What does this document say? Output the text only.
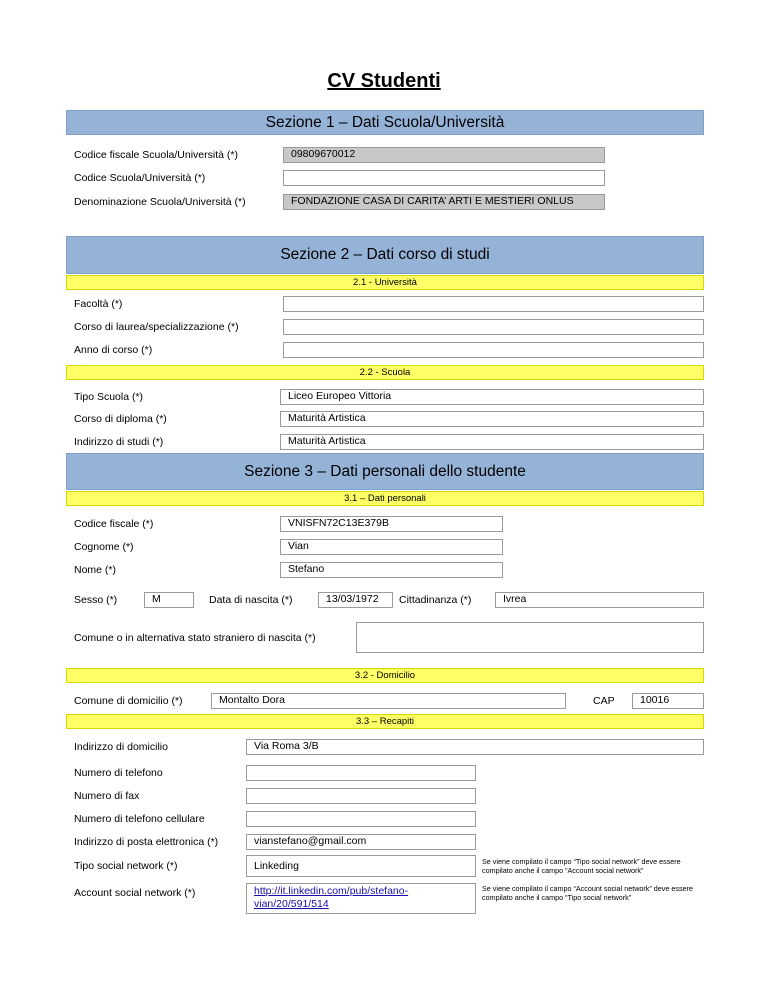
CV Studenti
Sezione 1 – Dati Scuola/Università
Codice fiscale Scuola/Università (*)	09809670012
Codice Scuola/Università (*)
Denominazione Scuola/Università (*)	FONDAZIONE CASA DI CARITA’ ARTI E MESTIERI ONLUS
Sezione 2 – Dati corso di studi
2.1 - Università
Facoltà (*)
Corso di laurea/specializzazione (*)
Anno di corso (*)
2.2 - Scuola
Tipo Scuola (*)	Liceo Europeo Vittoria
Corso di diploma (*)	Maturità Artistica
Indirizzo di studi (*)	Maturità Artistica
Sezione 3 – Dati personali dello studente
3.1 – Dati personali
Codice fiscale (*)	VNISFN72C13E379B
Cognome (*)	Vian
Nome (*)	Stefano
Sesso (*)	M	Data di nascita (*)	13/03/1972	Cittadinanza (*)	Ivrea
Comune o in alternativa stato straniero di nascita (*)
3.2 - Domicilio
Comune di domicilio (*)	Montalto Dora	CAP	10016
3.3 – Recapiti
Indirizzo di domicilio	Via Roma 3/B
Numero di telefono
Numero di fax
Numero di telefono cellulare
Indirizzo di posta elettronica (*)	vianstefano@gmail.com
Tipo social network (*)	Linkeding	Se viene compilato il campo “Tipo social network” deve essere compilato anche il campo “Account social network”
Account social network (*)	http://it.linkedin.com/pub/stefano-vian/20/591/514
Se viene compilato il campo “Account social network” deve essere compilato anche il campo “Tipo social network”
